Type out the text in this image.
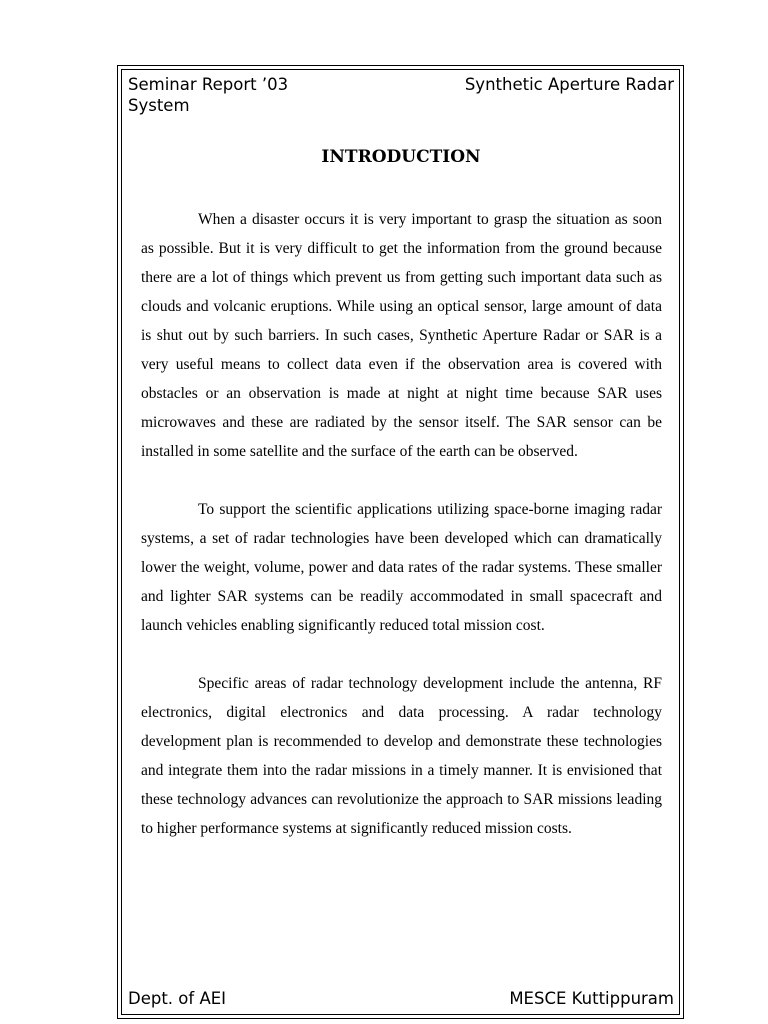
Seminar Report ’03	Synthetic Aperture Radar
System
INTRODUCTION

When a disaster occurs it is very important to grasp the situation as soon as possible. But it is very difficult to get the information from the ground because there are a lot of things which prevent us from getting such important data such as clouds and volcanic eruptions. While using an optical sensor, large amount of data is shut out by such barriers. In such cases, Synthetic Aperture Radar or SAR is a very useful means to collect data even if the observation area is covered with obstacles or an observation is made at night at night time because SAR uses microwaves and these are radiated by the sensor itself. The SAR sensor can be installed in some satellite and the surface of the earth can be observed.

To support the scientific applications utilizing space-borne imaging radar systems, a set of radar technologies have been developed which can dramatically lower the weight, volume, power and data rates of the radar systems. These smaller and lighter SAR systems can be readily accommodated in small spacecraft and launch vehicles enabling significantly reduced total mission cost.

Specific areas of radar technology development include the antenna, RF electronics, digital electronics and data processing. A radar technology development plan is recommended to develop and demonstrate these technologies and integrate them into the radar missions in a timely manner. It is envisioned that these technology advances can revolutionize the approach to SAR missions leading to higher performance systems at significantly reduced mission costs.

Dept. of AEI	MESCE Kuttippuram
